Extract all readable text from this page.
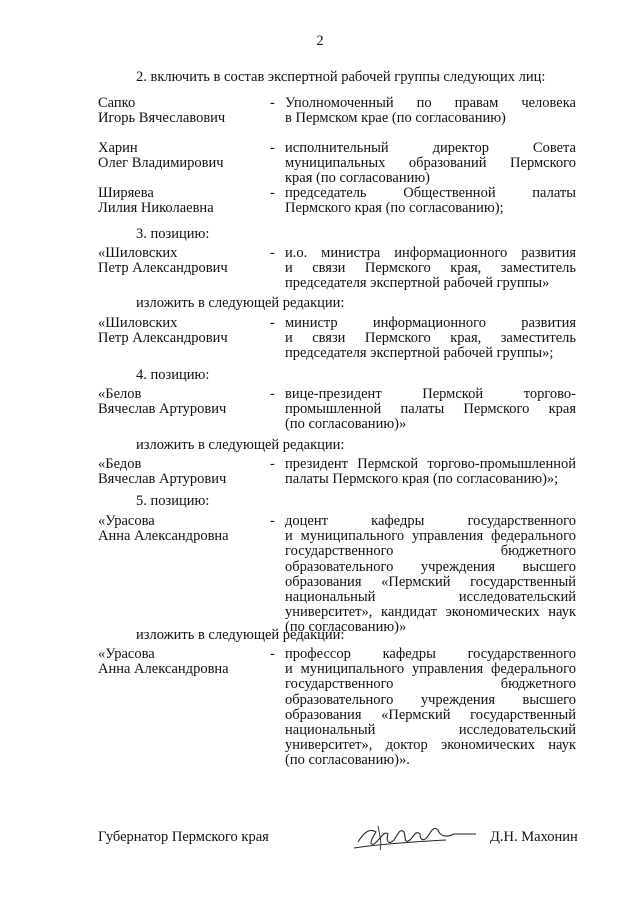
2
2. включить в состав экспертной рабочей группы следующих лиц:
Сапко
Игорь Вячеславович
- Уполномоченный по правам человека
в Пермском крае (по согласованию)
Харин
Олег Владимирович
- исполнительный директор Совета
муниципальных образований Пермского
края (по согласованию)
Ширяева
Лилия Николаевна
- председатель Общественной палаты
Пермского края (по согласованию);
«Шиловских
Петр Александрович
- и.о. министра информационного развития
и связи Пермского края, заместитель
председателя экспертной рабочей группы»
«Шиловских
Петр Александрович
- министр информационного развития
и связи Пермского края, заместитель
председателя экспертной рабочей группы»;
«Белов
Вячеслав Артурович
- вице-президент Пермской торгово-
промышленной палаты Пермского края
(по согласованию)»
«Бедов
Вячеслав Артурович
- президент Пермской торгово-промышленной
палаты Пермского края (по согласованию)»;
«Урасова
Анна Александровна
- доцент кафедры государственного
и муниципального управления федерального
государственного бюджетного
образовательного учреждения высшего
образования «Пермский государственный
национальный исследовательский
университет», кандидат экономических наук
(по согласованию)»
«Урасова
Анна Александровна
- профессор кафедры государственного
и муниципального управления федерального
государственного бюджетного
образовательного учреждения высшего
образования «Пермский государственный
национальный исследовательский
университет», доктор экономических наук
(по согласованию)».
3. позицию:
изложить в следующей редакции:
4. позицию:
изложить в следующей редакции:
5. позицию:
изложить в следующей редакции:
Губернатор Пермского края	Д.Н. Махонин
